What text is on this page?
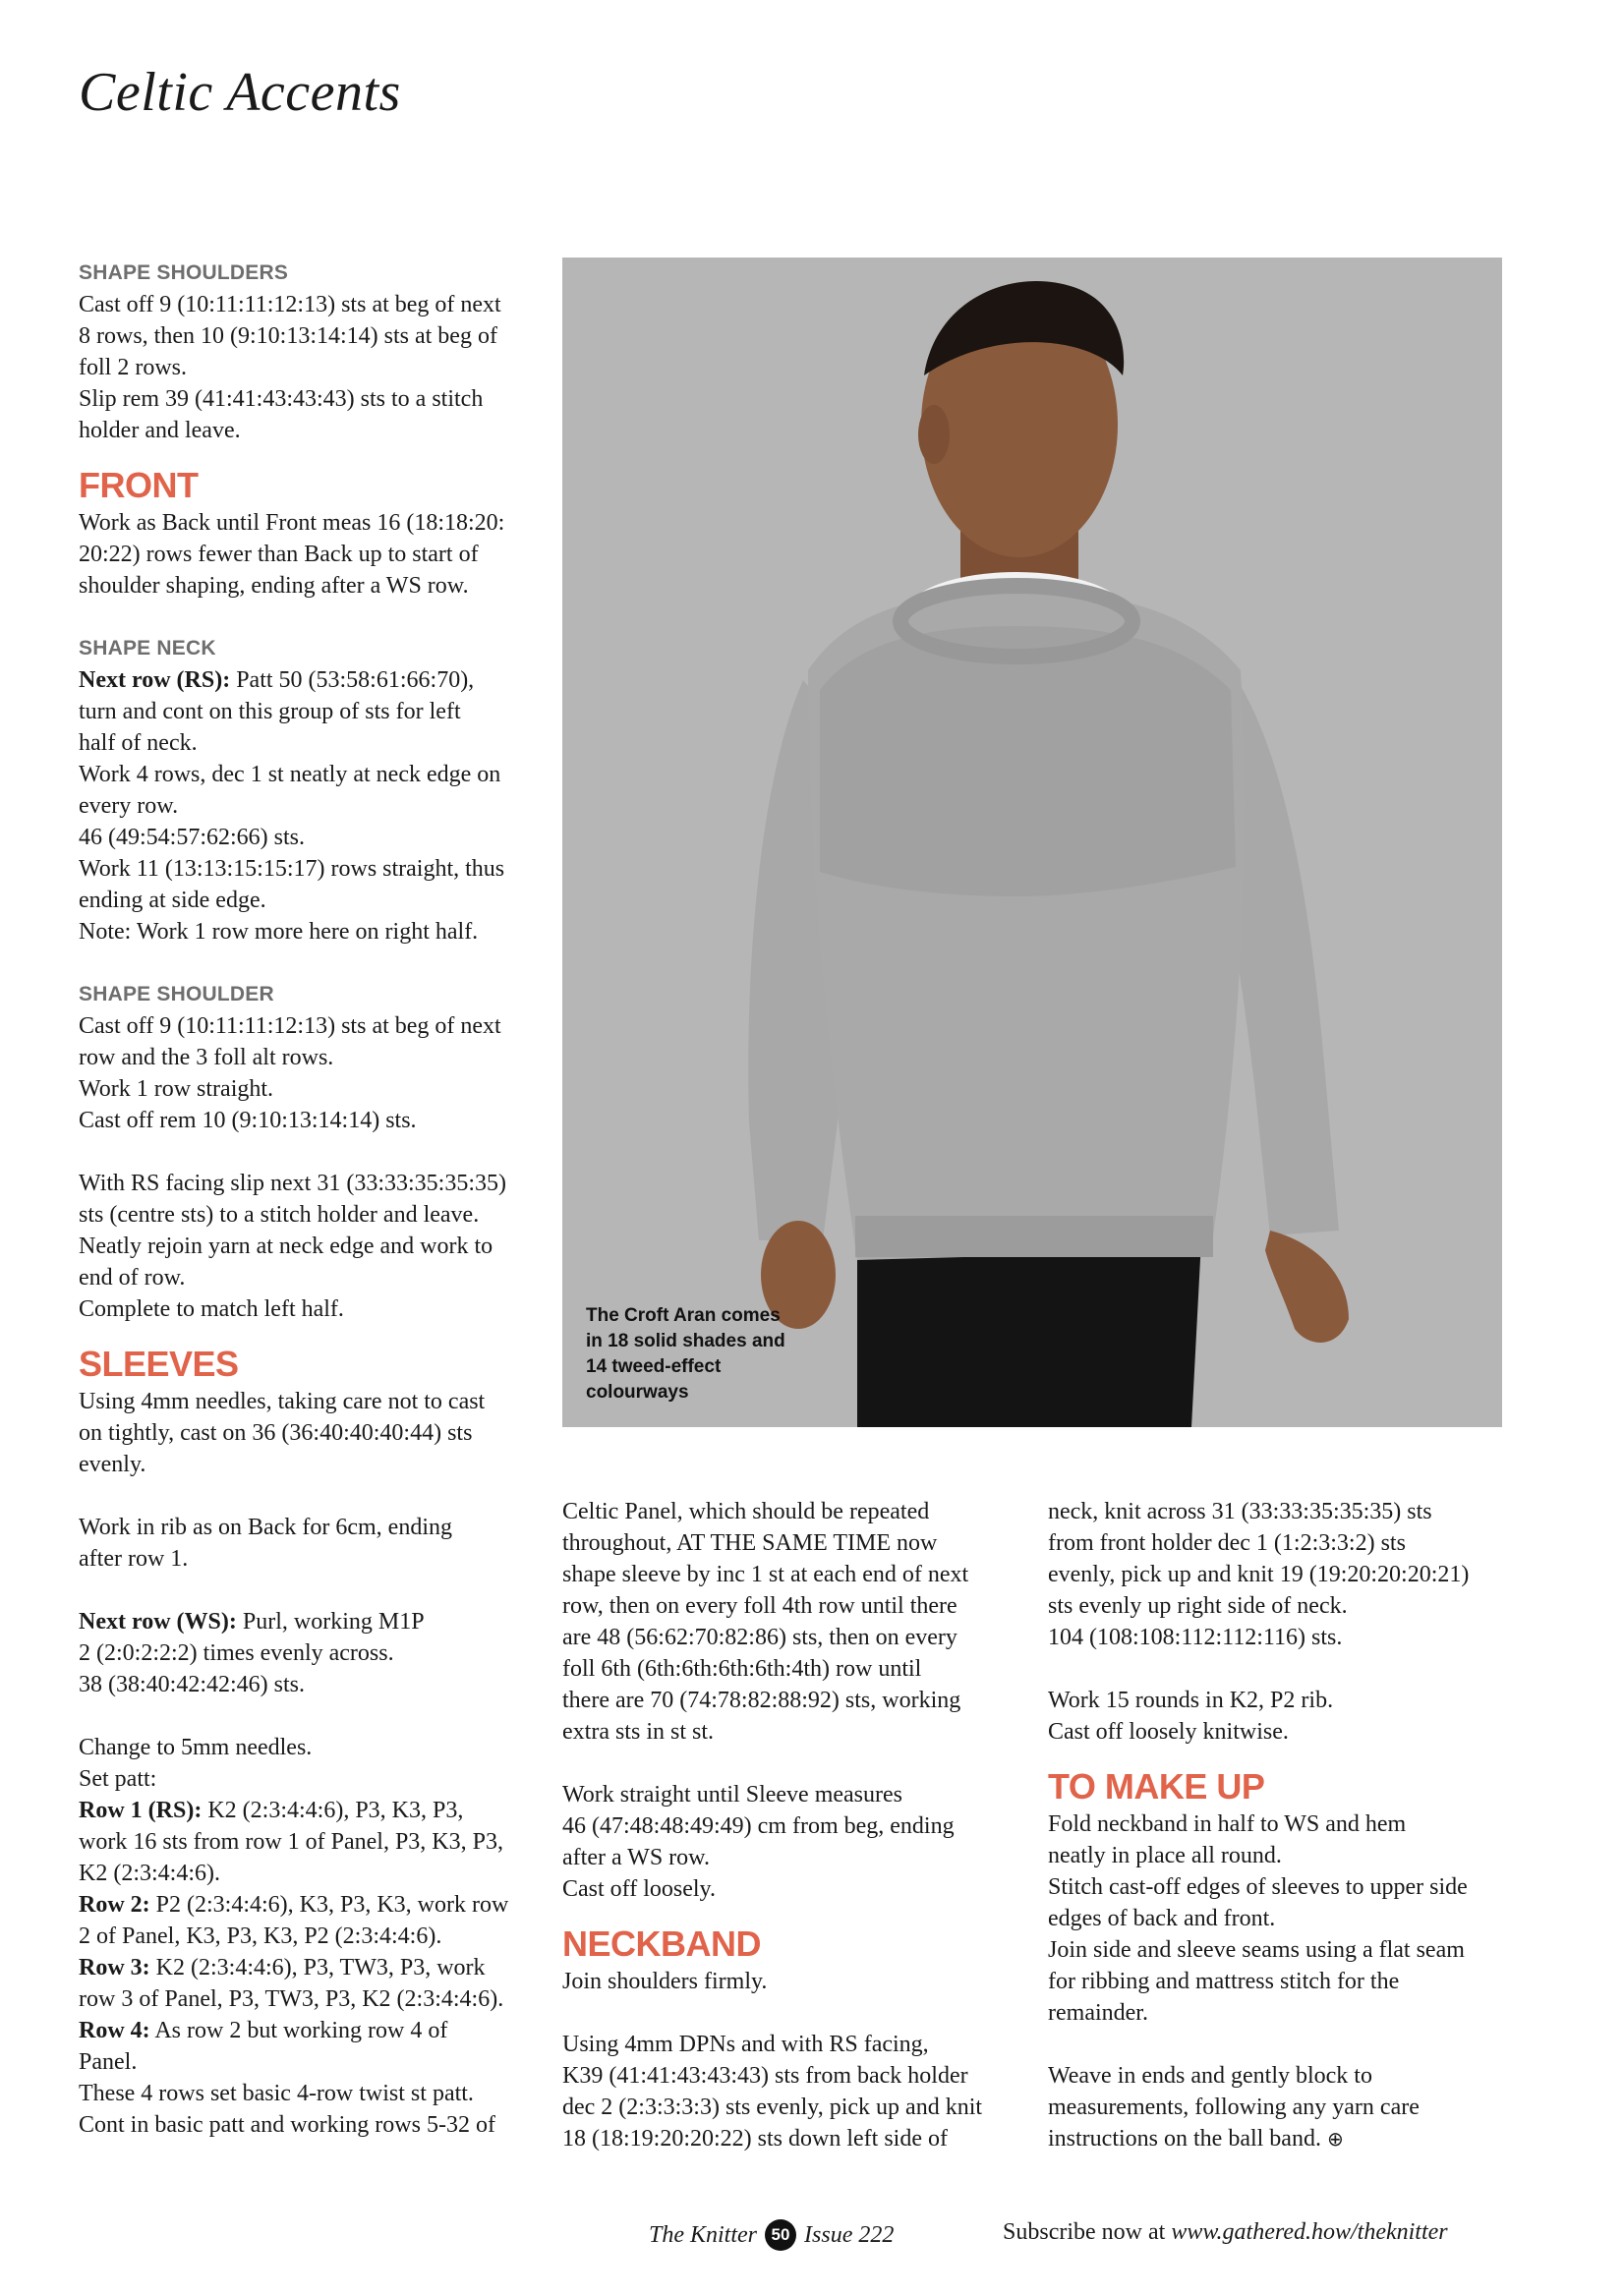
Celtic Accents
SHAPE SHOULDERS

Cast off 9 (10:11:11:12:13) sts at beg of next
8 rows, then 10 (9:10:13:14:14) sts at beg of
foll 2 rows.
Slip rem 39 (41:41:43:43:43) sts to a stitch
holder and leave.

FRONT

Work as Back until Front meas 16 (18:18:20:
20:22) rows fewer than Back up to start of
shoulder shaping, ending after a WS row.

SHAPE NECK

Next row (RS): Patt 50 (53:58:61:66:70),
turn and cont on this group of sts for left
half of neck.
Work 4 rows, dec 1 st neatly at neck edge on
every row.
46 (49:54:57:62:66) sts.
Work 11 (13:13:15:15:17) rows straight, thus
ending at side edge.
Note: Work 1 row more here on right half.

SHAPE SHOULDER

Cast off 9 (10:11:11:12:13) sts at beg of next
row and the 3 foll alt rows.
Work 1 row straight.
Cast off rem 10 (9:10:13:14:14) sts.

With RS facing slip next 31 (33:33:35:35:35)
sts (centre sts) to a stitch holder and leave.
Neatly rejoin yarn at neck edge and work to
end of row.
Complete to match left half.

SLEEVES

Using 4mm needles, taking care not to cast
on tightly, cast on 36 (36:40:40:40:44) sts
evenly.

Work in rib as on Back for 6cm, ending
after row 1.

Next row (WS): Purl, working M1P
2 (2:0:2:2:2) times evenly across.
38 (38:40:42:42:46) sts.

Change to 5mm needles.
Set patt:

Row 1 (RS): K2 (2:3:4:4:6), P3, K3, P3,
work 16 sts from row 1 of Panel, P3, K3, P3,
K2 (2:3:4:4:6).

Row 2: P2 (2:3:4:4:6), K3, P3, K3, work row
2 of Panel, K3, P3, K3, P2 (2:3:4:4:6).

Row 3: K2 (2:3:4:4:6), P3, TW3, P3, work
row 3 of Panel, P3, TW3, P3, K2 (2:3:4:4:6).

Row 4: As row 2 but working row 4 of
Panel.

These 4 rows set basic 4-row twist st patt.
Cont in basic patt and working rows 5-32 of

The Croft Aran comes
in 18 solid shades and
14 tweed-effect
colourways

Celtic Panel, which should be repeated
throughout, AT THE SAME TIME now
shape sleeve by inc 1 st at each end of next
row, then on every foll 4th row until there
are 48 (56:62:70:82:86) sts, then on every
foll 6th (6th:6th:6th:6th:4th) row until
there are 70 (74:78:82:88:92) sts, working
extra sts in st st.

Work straight until Sleeve measures
46 (47:48:48:49:49) cm from beg, ending
after a WS row.
Cast off loosely.

NECKBAND

Join shoulders firmly.

Using 4mm DPNs and with RS facing,
K39 (41:41:43:43:43) sts from back holder
dec 2 (2:3:3:3:3) sts evenly, pick up and knit
18 (18:19:20:20:22) sts down left side of

neck, knit across 31 (33:33:35:35:35) sts
from front holder dec 1 (1:2:3:3:2) sts
evenly, pick up and knit 19 (19:20:20:20:21)
sts evenly up right side of neck.
104 (108:108:112:112:116) sts.

Work 15 rounds in K2, P2 rib.
Cast off loosely knitwise.

TO MAKE UP

Fold neckband in half to WS and hem
neatly in place all round.
Stitch cast-off edges of sleeves to upper side
edges of back and front.
Join side and sleeve seams using a flat seam
for ribbing and mattress stitch for the
remainder.

Weave in ends and gently block to
measurements, following any yarn care
instructions on the ball band. ⊕

The Knitter 50 Issue 222	Subscribe now at www.gathered.how/theknitter
